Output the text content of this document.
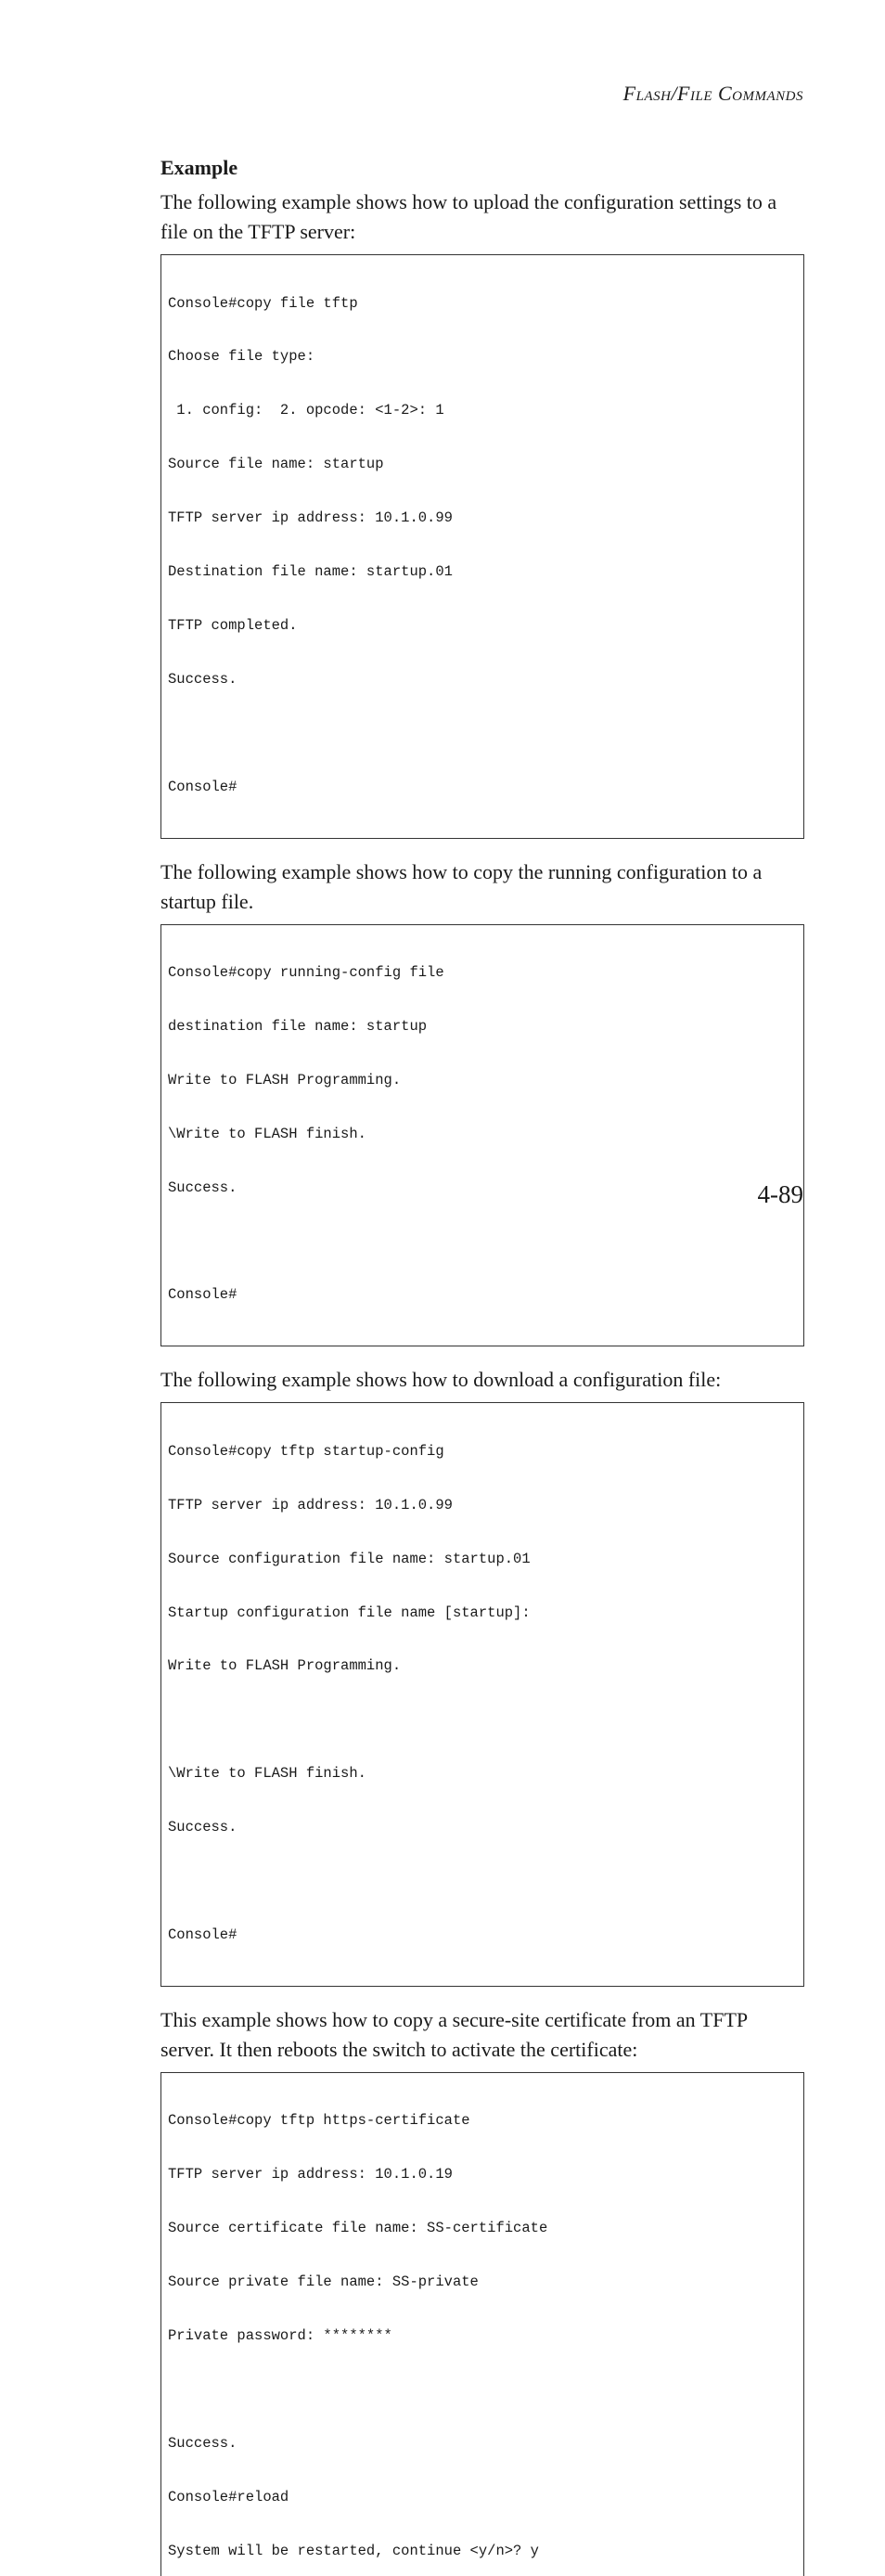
Flash/File Commands
Example

The following example shows how to upload the configuration settings to a file on the TFTP server:

Console#copy file tftp

Choose file type:

1. config:  2. opcode: <1-2>: 1

Source file name: startup

TFTP server ip address: 10.1.0.99

Destination file name: startup.01

TFTP completed.

Success.

Console#

The following example shows how to copy the running configuration to a startup file.

Console#copy running-config file

destination file name: startup

Write to FLASH Programming.

\Write to FLASH finish.

Success.

Console#

The following example shows how to download a configuration file:

Console#copy tftp startup-config

TFTP server ip address: 10.1.0.99

Source configuration file name: startup.01

Startup configuration file name [startup]:

Write to FLASH Programming.

\Write to FLASH finish.

Success.

Console#

This example shows how to copy a secure-site certificate from an TFTP server. It then reboots the switch to activate the certificate:

Console#copy tftp https-certificate

TFTP server ip address: 10.1.0.19

Source certificate file name: SS-certificate

Source private file name: SS-private

Private password: ********

Success.

Console#reload

System will be restarted, continue <y/n>? y

4-89
